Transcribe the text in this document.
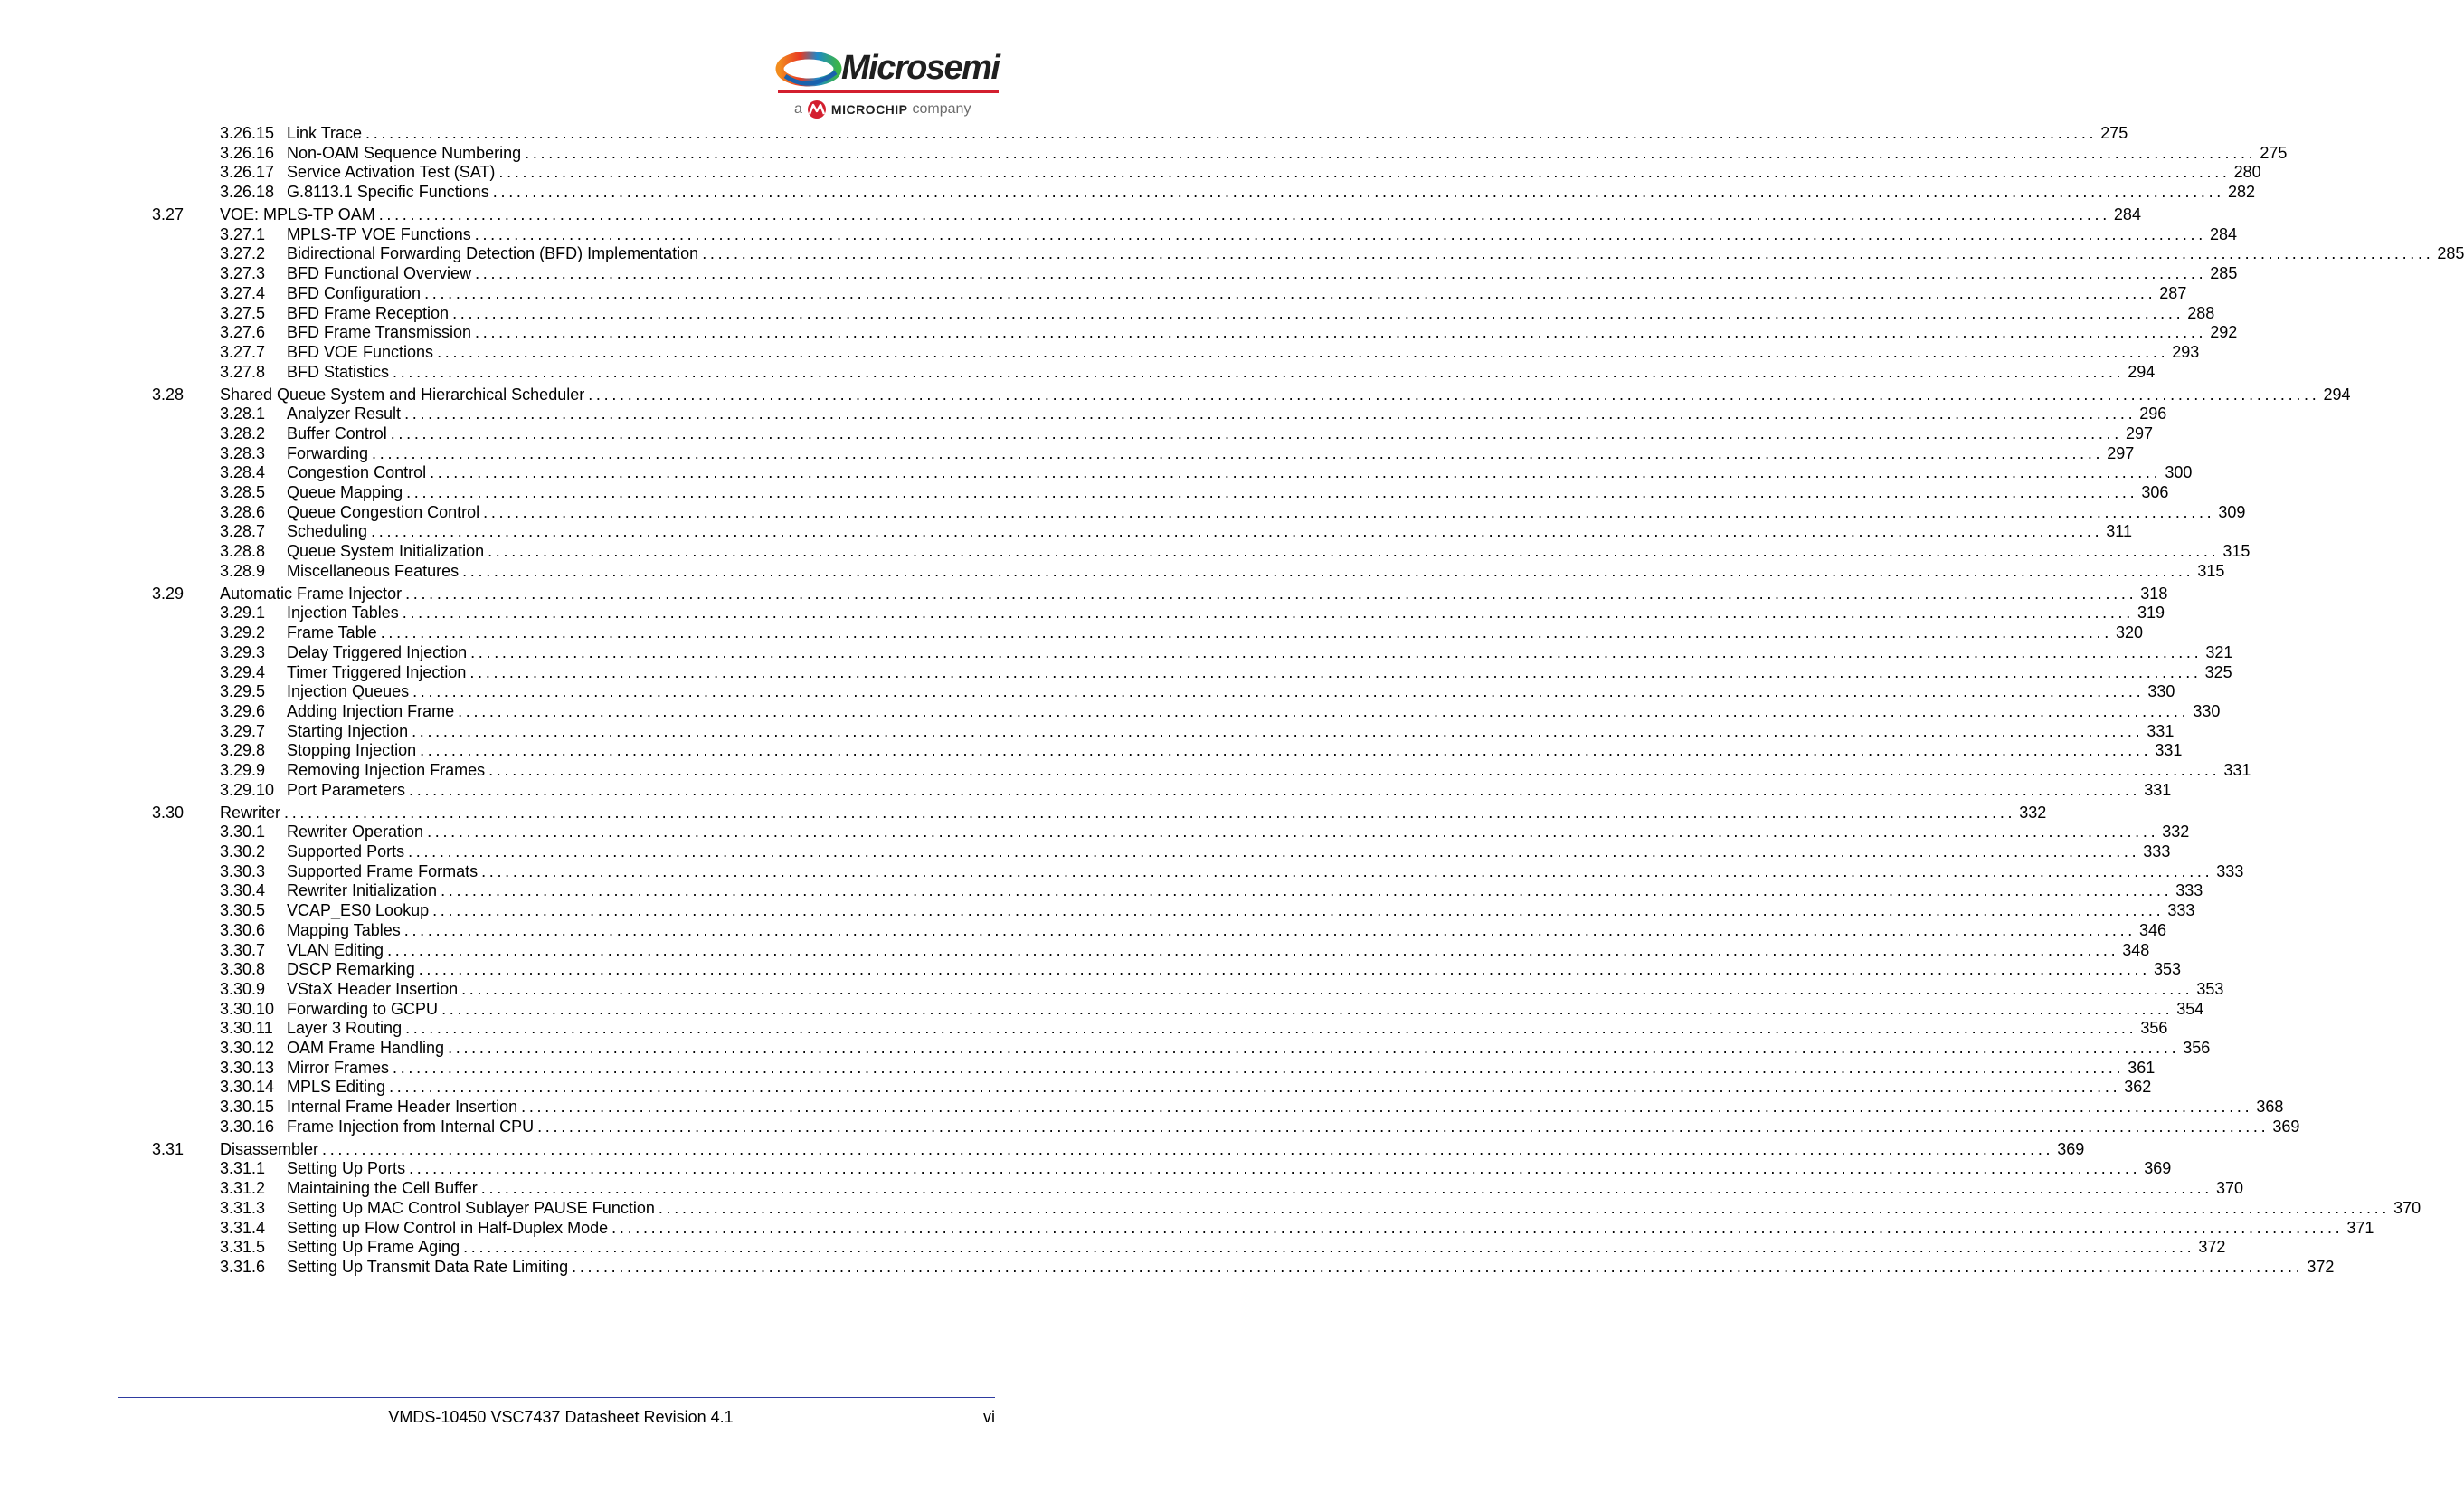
Microsemi
a MICROCHIP company
3.26.15 Link Trace ............................................................................................................................................................................................................................ 275
3.26.16 Non-OAM Sequence Numbering ............................................................................................................................................................................................................................ 275
3.26.17 Service Activation Test (SAT) ............................................................................................................................................................................................................................ 280
3.26.18 G.8113.1 Specific Functions ............................................................................................................................................................................................................................ 282
3.27	VOE: MPLS-TP OAM ............................................................................................................................................................................................................................ 284
3.27.1	MPLS-TP VOE Functions ............................................................................................................................................................................................................................ 284
3.27.2	Bidirectional Forwarding Detection (BFD) Implementation ............................................................................................................................................................................................................................ 285
3.27.3	BFD Functional Overview ............................................................................................................................................................................................................................ 285
3.27.4	BFD Configuration ............................................................................................................................................................................................................................ 287
3.27.5	BFD Frame Reception ............................................................................................................................................................................................................................ 288
3.27.6	BFD Frame Transmission ............................................................................................................................................................................................................................ 292
3.27.7	BFD VOE Functions ............................................................................................................................................................................................................................ 293
3.27.8	BFD Statistics ............................................................................................................................................................................................................................ 294
3.28	Shared Queue System and Hierarchical Scheduler ............................................................................................................................................................................................................................ 294
3.28.1	Analyzer Result ............................................................................................................................................................................................................................ 296
3.28.2	Buffer Control ............................................................................................................................................................................................................................ 297
3.28.3	Forwarding ............................................................................................................................................................................................................................ 297
3.28.4	Congestion Control ............................................................................................................................................................................................................................ 300
3.28.5	Queue Mapping ............................................................................................................................................................................................................................ 306
3.28.6	Queue Congestion Control ............................................................................................................................................................................................................................ 309
3.28.7	Scheduling ............................................................................................................................................................................................................................ 311
3.28.8	Queue System Initialization ............................................................................................................................................................................................................................ 315
3.28.9	Miscellaneous Features ............................................................................................................................................................................................................................ 315
3.29	Automatic Frame Injector ............................................................................................................................................................................................................................ 318
3.29.1	Injection Tables ............................................................................................................................................................................................................................ 319
3.29.2	Frame Table ............................................................................................................................................................................................................................ 320
3.29.3	Delay Triggered Injection ............................................................................................................................................................................................................................ 321
3.29.4	Timer Triggered Injection ............................................................................................................................................................................................................................ 325
3.29.5	Injection Queues ............................................................................................................................................................................................................................ 330
3.29.6	Adding Injection Frame ............................................................................................................................................................................................................................ 330
3.29.7	Starting Injection ............................................................................................................................................................................................................................ 331
3.29.8	Stopping Injection ............................................................................................................................................................................................................................ 331
3.29.9	Removing Injection Frames ............................................................................................................................................................................................................................ 331
3.29.10 Port Parameters ............................................................................................................................................................................................................................ 331
3.30	Rewriter ............................................................................................................................................................................................................................ 332
3.30.1	Rewriter Operation ............................................................................................................................................................................................................................ 332
3.30.2	Supported Ports ............................................................................................................................................................................................................................ 333
3.30.3	Supported Frame Formats ............................................................................................................................................................................................................................ 333
3.30.4	Rewriter Initialization ............................................................................................................................................................................................................................ 333
3.30.5	VCAP_ES0 Lookup ............................................................................................................................................................................................................................ 333
3.30.6	Mapping Tables ............................................................................................................................................................................................................................ 346
3.30.7	VLAN Editing ............................................................................................................................................................................................................................ 348
3.30.8	DSCP Remarking ............................................................................................................................................................................................................................ 353
3.30.9	VStaX Header Insertion ............................................................................................................................................................................................................................ 353
3.30.10 Forwarding to GCPU ............................................................................................................................................................................................................................ 354
3.30.11 Layer 3 Routing ............................................................................................................................................................................................................................ 356
3.30.12 OAM Frame Handling ............................................................................................................................................................................................................................ 356
3.30.13 Mirror Frames ............................................................................................................................................................................................................................ 361
3.30.14 MPLS Editing ............................................................................................................................................................................................................................ 362
3.30.15 Internal Frame Header Insertion ............................................................................................................................................................................................................................ 368
3.30.16 Frame Injection from Internal CPU ............................................................................................................................................................................................................................ 369
3.31	Disassembler ............................................................................................................................................................................................................................ 369
3.31.1	Setting Up Ports ............................................................................................................................................................................................................................ 369
3.31.2	Maintaining the Cell Buffer ............................................................................................................................................................................................................................ 370
3.31.3	Setting Up MAC Control Sublayer PAUSE Function ............................................................................................................................................................................................................................ 370
3.31.4	Setting up Flow Control in Half-Duplex Mode ............................................................................................................................................................................................................................ 371
3.31.5	Setting Up Frame Aging ............................................................................................................................................................................................................................ 372
3.31.6	Setting Up Transmit Data Rate Limiting ............................................................................................................................................................................................................................ 372
VMDS-10450 VSC7437 Datasheet Revision 4.1	vi
